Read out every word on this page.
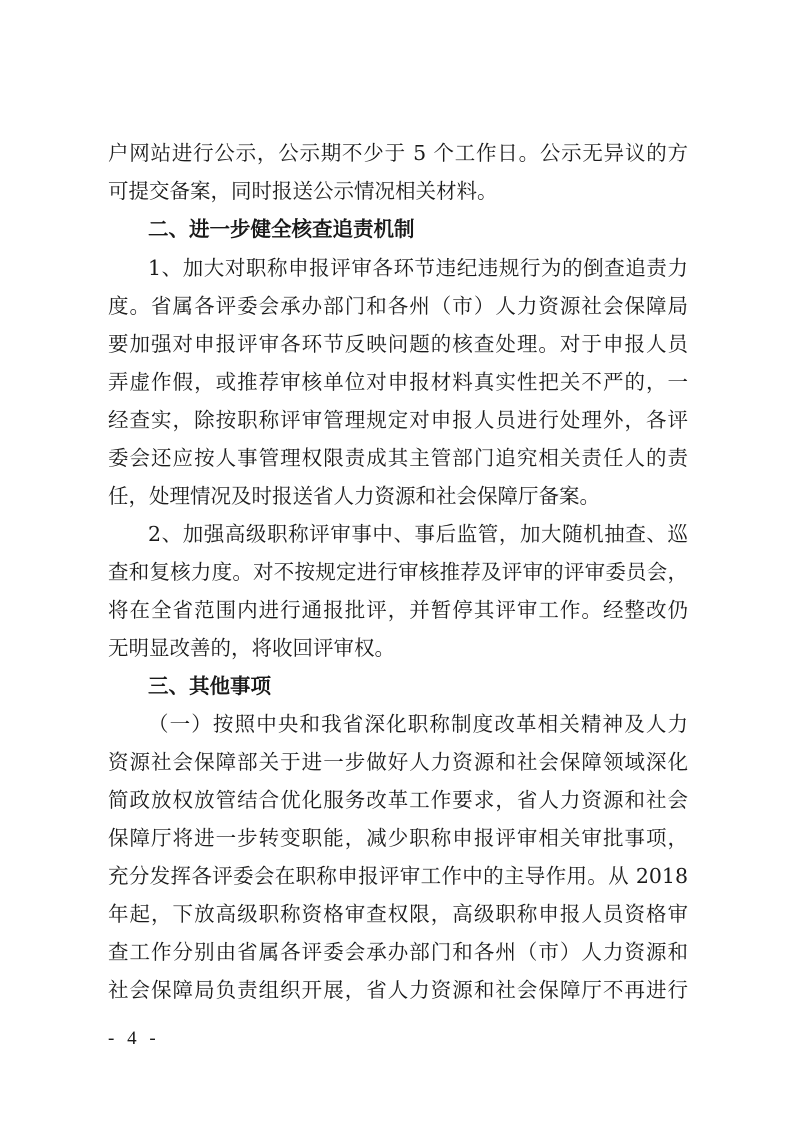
户网站进行公示，公示期不少于 5 个工作日。公示无异议的方
可提交备案，同时报送公示情况相关材料。
二、进一步健全核查追责机制
1、加大对职称申报评审各环节违纪违规行为的倒查追责力
度。省属各评委会承办部门和各州（市）人力资源社会保障局
要加强对申报评审各环节反映问题的核查处理。对于申报人员
弄虚作假，或推荐审核单位对申报材料真实性把关不严的，一
经查实，除按职称评审管理规定对申报人员进行处理外，各评
委会还应按人事管理权限责成其主管部门追究相关责任人的责
任，处理情况及时报送省人力资源和社会保障厅备案。
2、加强高级职称评审事中、事后监管，加大随机抽查、巡
查和复核力度。对不按规定进行审核推荐及评审的评审委员会，
将在全省范围内进行通报批评，并暂停其评审工作。经整改仍
无明显改善的，将收回评审权。
三、其他事项
（一）按照中央和我省深化职称制度改革相关精神及人力
资源社会保障部关于进一步做好人力资源和社会保障领域深化
简政放权放管结合优化服务改革工作要求，省人力资源和社会
保障厅将进一步转变职能，减少职称申报评审相关审批事项，
充分发挥各评委会在职称申报评审工作中的主导作用。从 2018
年起，下放高级职称资格审查权限，高级职称申报人员资格审
查工作分别由省属各评委会承办部门和各州（市）人力资源和
社会保障局负责组织开展，省人力资源和社会保障厅不再进行
- 4 -
